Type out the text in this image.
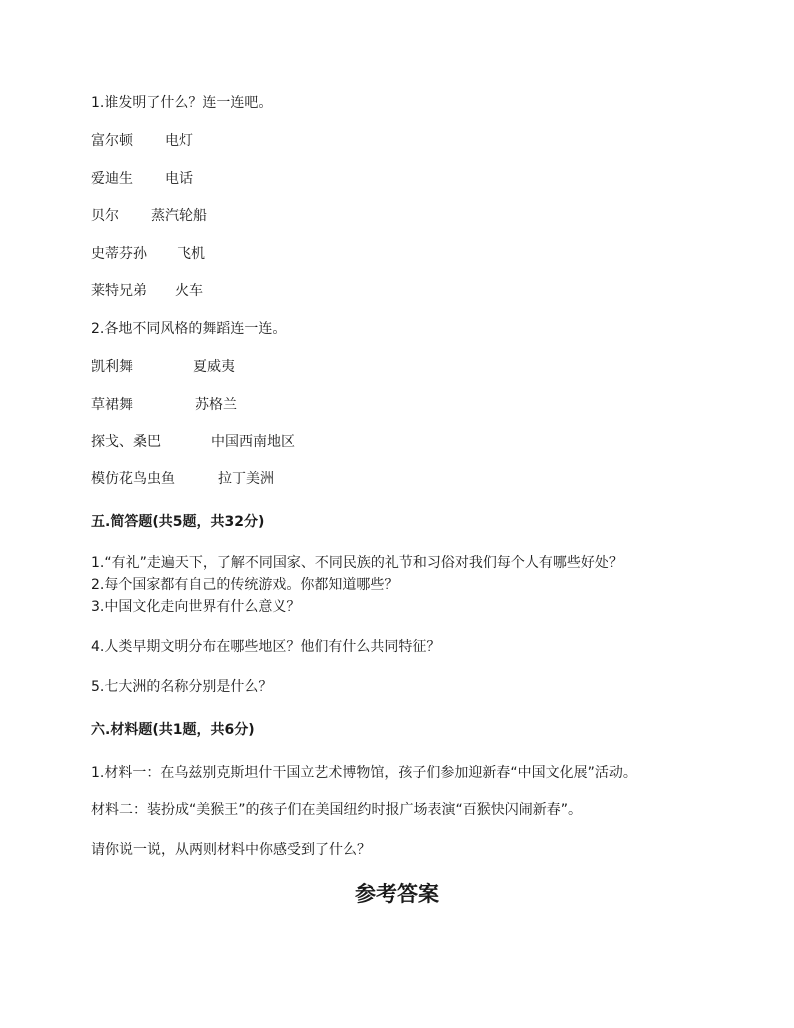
1.谁发明了什么？连一连吧。
富尔顿 电灯
爱迪生 电话
贝尔 蒸汽轮船
史蒂芬孙 飞机
莱特兄弟 火车
2.各地不同风格的舞蹈连一连。
凯利舞	夏威夷
草裙舞	苏格兰
探戈、桑巴	中国西南地区
模仿花鸟虫鱼	拉丁美洲
五.简答题(共5题，共32分)
1.“有礼”走遍天下，了解不同国家、不同民族的礼节和习俗对我们每个人有哪些好处？
2.每个国家都有自己的传统游戏。你都知道哪些？
3.中国文化走向世界有什么意义？
4.人类早期文明分布在哪些地区？他们有什么共同特征？
5.七大洲的名称分别是什么？
六.材料题(共1题，共6分)
1.材料一：在乌兹别克斯坦什干国立艺术博物馆，孩子们参加迎新春“中国文化展”活动。
材料二：装扮成“美猴王”的孩子们在美国纽约时报广场表演“百猴快闪闹新春”。
请你说一说，从两则材料中你感受到了什么？
参考答案
